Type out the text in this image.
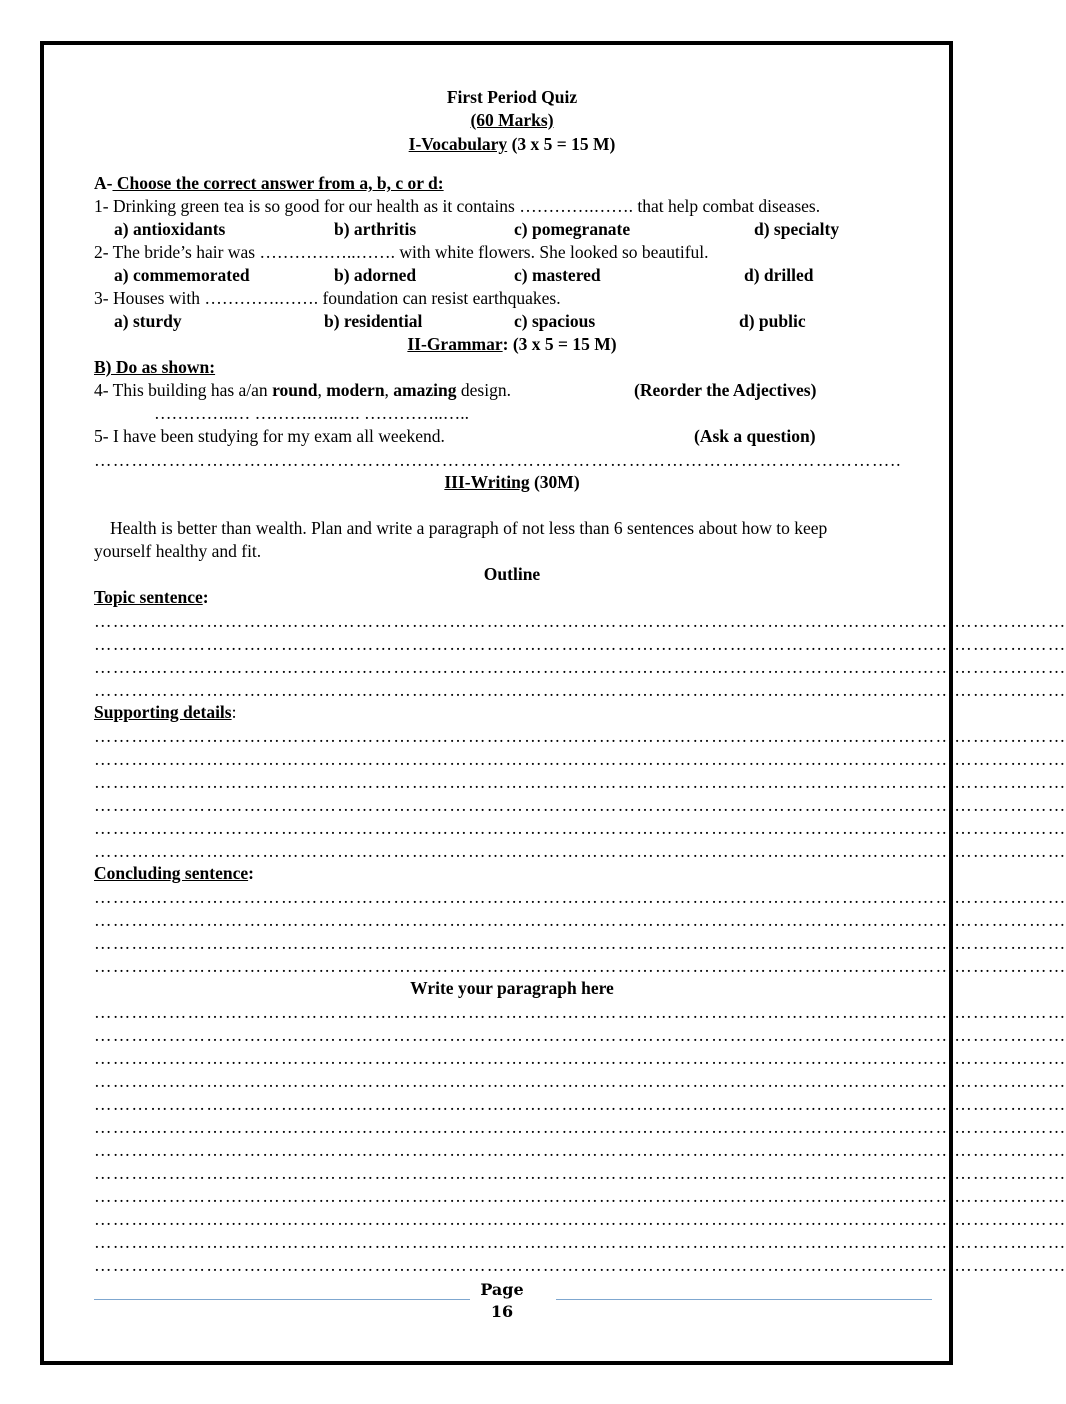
First Period Quiz
(60 Marks)
I-Vocabulary (3 x 5 = 15 M)
A- Choose the correct answer from a, b, c or d:
1- Drinking green tea is so good for our health as it contains ………….……. that help combat diseases.
a) antioxidants	b) arthritis	c) pomegranate	d) specialty
2- The bride’s hair was ……………..……. with white flowers. She looked so beautiful.
a) commemorated	b) adorned	c) mastered	d) drilled
3- Houses with ………….……. foundation can resist earthquakes.
a) sturdy	b) residential	c) spacious	d) public
II-Grammar: (3 x 5 = 15 M)
B) Do as shown:
4- This building has a/an round, modern, amazing design.	(Reorder the Adjectives)
…………..… ……….…..…. …………..…..
5- I have been studying for my exam all weekend.	(Ask a question)
……………………………………………..…………………………………………………………………..
III-Writing (30M)
Health is better than wealth. Plan and write a paragraph of not less than 6 sentences about how to keep
yourself healthy and fit.
Outline
Topic sentence:
…………………………………………………………………………………………………………………………………………
…………………………………………………………………………………………………………………………………………
…………………………………………………………………………………………………………………………………………
…………………………………………………………………………………………………………………………………………
Supporting details:
…………………………………………………………………………………………………………………………………………
…………………………………………………………………………………………………………………………………………
…………………………………………………………………………………………………………………………………………
…………………………………………………………………………………………………………………………………………
…………………………………………………………………………………………………………………………………………
…………………………………………………………………………………………………………………………………………
Concluding sentence:
…………………………………………………………………………………………………………………………………………
…………………………………………………………………………………………………………………………………………
…………………………………………………………………………………………………………………………………………
…………………………………………………………………………………………………………………………………………
Write your paragraph here
…………………………………………………………………………………………………………………………………………
…………………………………………………………………………………………………………………………………………
…………………………………………………………………………………………………………………………………………
…………………………………………………………………………………………………………………………………………
…………………………………………………………………………………………………………………………………………
…………………………………………………………………………………………………………………………………………
…………………………………………………………………………………………………………………………………………
…………………………………………………………………………………………………………………………………………
…………………………………………………………………………………………………………………………………………
…………………………………………………………………………………………………………………………………………
…………………………………………………………………………………………………………………………………………
…………………………………………………………………………………………………………………………………………
Page
16
